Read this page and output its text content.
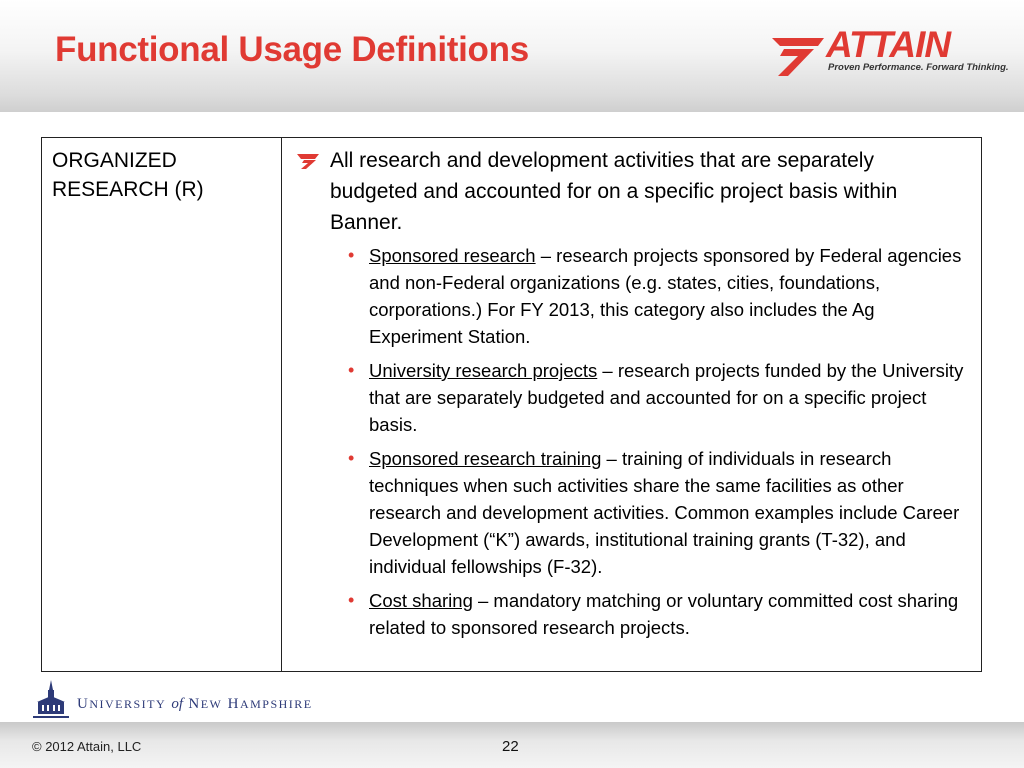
Functional Usage Definitions	ATTAIN
Proven Performance. Forward Thinking.
ORGANIZED RESEARCH (R)	
All research and development activities that are separately budgeted and accounted for on a specific project basis within Banner.
• Sponsored research – research projects sponsored by Federal agencies and non-Federal organizations (e.g. states, cities, foundations, corporations.) For FY 2013, this category also includes the Ag Experiment Station.
• University research projects – research projects funded by the University that are separately budgeted and accounted for on a specific project basis.
• Sponsored research training – training of individuals in research techniques when such activities share the same facilities as other research and development activities. Common examples include Career Development (“K”) awards, institutional training grants (T-32), and individual fellowships (F-32).
• Cost sharing – mandatory matching or voluntary committed cost sharing related to sponsored research projects.
UNIVERSITY of NEW HAMPSHIRE
© 2012 Attain, LLC	22
